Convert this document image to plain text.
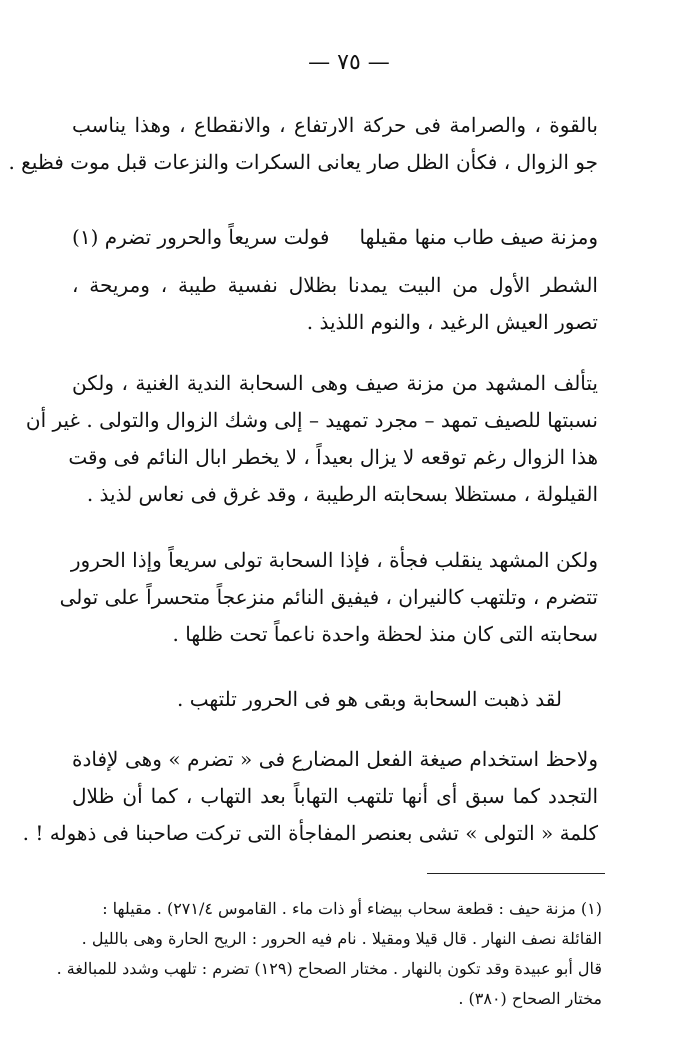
— ٧٥ —
بالقوة ، والصرامة فى حركة الارتفاع ، والانقطاع ، وهذا يناسب
جو الزوال ، فكأن الظل صار يعانى السكرات والنزعات قبل موت فظيع .
ومزنة صيف طاب منها مقيلها
فولت سريعاً والحرور تضرم (١)
الشطر الأول من البيت يمدنا بظلال نفسية طيبة ، ومريحة ،
تصور العيش الرغيد ، والنوم اللذيذ .
يتألف المشهد من مزنة صيف وهى السحابة الندية الغنية ، ولكن
نسبتها للصيف تمهد – مجرد تمهيد – إلى وشك الزوال والتولى . غير أن
هذا الزوال رغم توقعه لا يزال بعيداً ، لا يخطر ابال النائم فى وقت
القيلولة ، مستظلا بسحابته الرطيبة ، وقد غرق فى نعاس لذيذ .
ولكن المشهد ينقلب فجأة ، فإذا السحابة تولى سريعاً وإذا الحرور
تتضرم ، وتلتهب كالنيران ، فيفيق النائم منزعجاً متحسراً على تولى
سحابته التى كان منذ لحظة واحدة ناعماً تحت ظلها .
لقد ذهبت السحابة وبقى هو فى الحرور تلتهب .
ولاحظ استخدام صيغة الفعل المضارع فى « تضرم » وهى لإفادة
التجدد كما سبق أى أنها تلتهب التهاباً بعد التهاب ، كما أن ظلال
كلمة « التولى » تشى بعنصر المفاجأة التى تركت صاحبنا فى ذهوله ! .
(١) مزنة حيف : قطعة سحاب بيضاء أو ذات ماء . القاموس ٢٧١/٤) . مقيلها :
القائلة نصف النهار . قال قيلا ومقيلا . نام فيه الحرور : الريح الحارة وهى بالليل .
قال أبو عبيدة وقد تكون بالنهار . مختار الصحاح (١٢٩) تضرم : تلهب وشدد للمبالغة .
مختار الصحاح (٣٨٠) .
